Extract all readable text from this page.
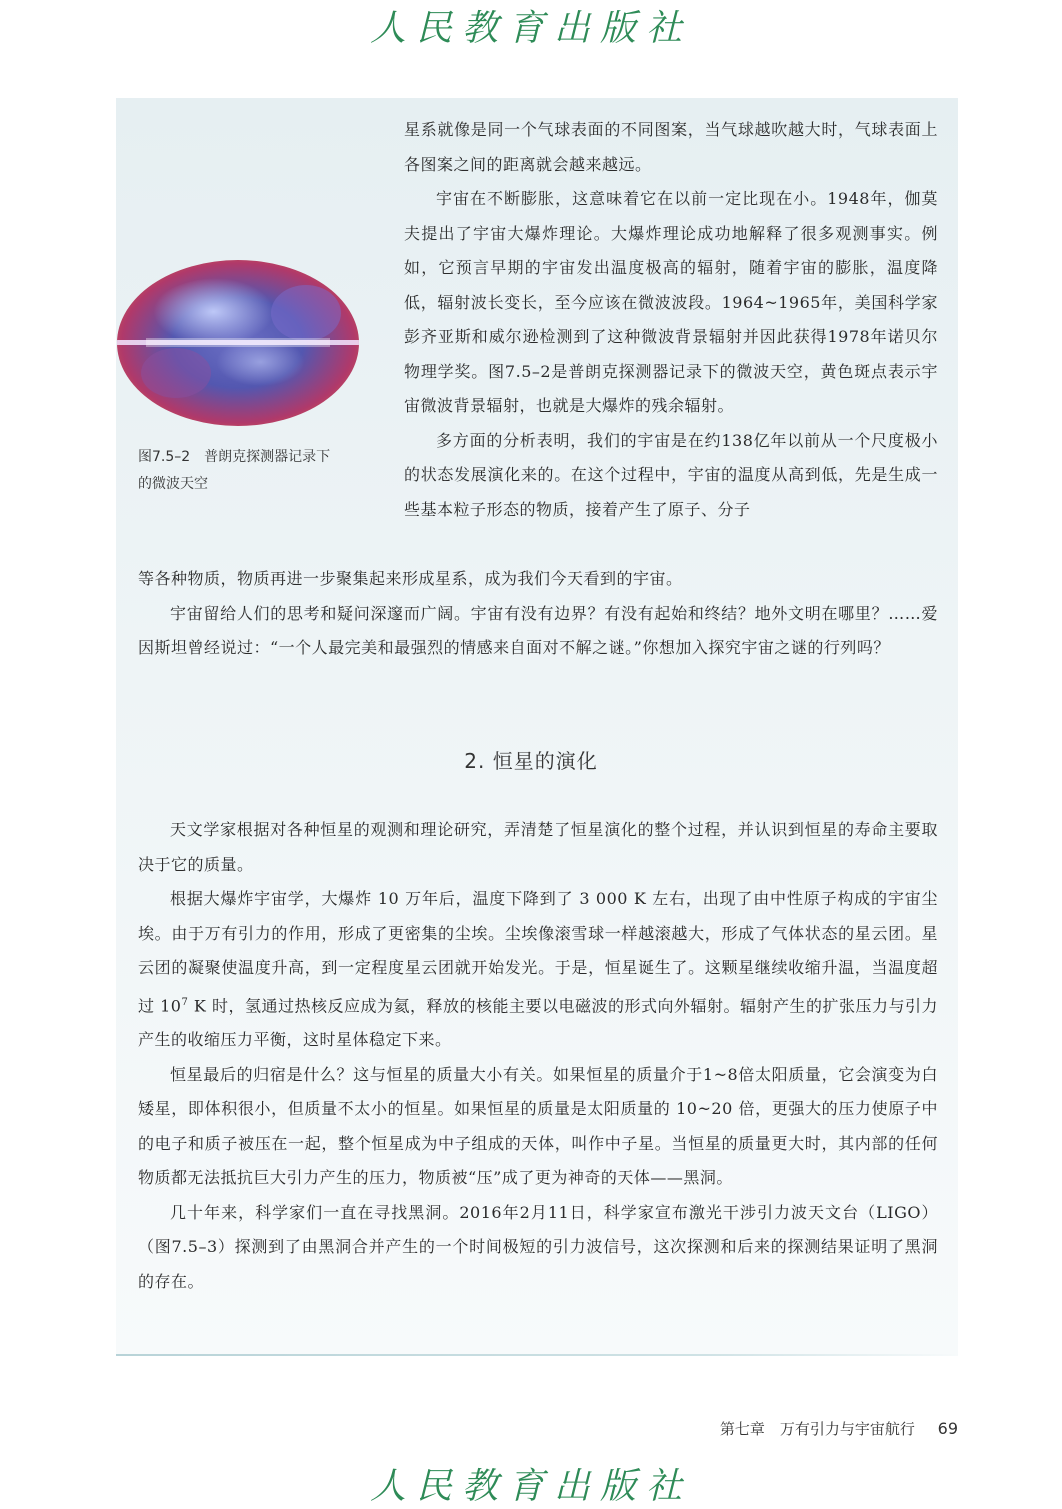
人民教育出版社
图7.5–2　普朗克探测器记录下
的微波天空

星系就像是同一个气球表面的不同图案，当气球越吹越大时，气球表面上各图案之间的距离就会越来越远。

宇宙在不断膨胀，这意味着它在以前一定比现在小。1948年，伽莫夫提出了宇宙大爆炸理论。大爆炸理论成功地解释了很多观测事实。例如，它预言早期的宇宙发出温度极高的辐射，随着宇宙的膨胀，温度降低，辐射波长变长，至今应该在微波波段。1964~1965年，美国科学家彭齐亚斯和威尔逊检测到了这种微波背景辐射并因此获得1978年诺贝尔物理学奖。图7.5–2是普朗克探测器记录下的微波天空，黄色斑点表示宇宙微波背景辐射，也就是大爆炸的残余辐射。

多方面的分析表明，我们的宇宙是在约138亿年以前从一个尺度极小的状态发展演化来的。在这个过程中，宇宙的温度从高到低，先是生成一些基本粒子形态的物质，接着产生了原子、分子

等各种物质，物质再进一步聚集起来形成星系，成为我们今天看到的宇宙。

宇宙留给人们的思考和疑问深邃而广阔。宇宙有没有边界？有没有起始和终结？地外文明在哪里？……爱因斯坦曾经说过：“一个人最完美和最强烈的情感来自面对不解之谜。”你想加入探究宇宙之谜的行列吗？

2. 恒星的演化

天文学家根据对各种恒星的观测和理论研究，弄清楚了恒星演化的整个过程，并认识到恒星的寿命主要取决于它的质量。

根据大爆炸宇宙学，大爆炸 10 万年后，温度下降到了 3 000 K 左右，出现了由中性原子构成的宇宙尘埃。由于万有引力的作用，形成了更密集的尘埃。尘埃像滚雪球一样越滚越大，形成了气体状态的星云团。星云团的凝聚使温度升高，到一定程度星云团就开始发光。于是，恒星诞生了。这颗星继续收缩升温，当温度超过 $10^7$ K 时，氢通过热核反应成为氦，释放的核能主要以电磁波的形式向外辐射。辐射产生的扩张压力与引力产生的收缩压力平衡，这时星体稳定下来。

恒星最后的归宿是什么？这与恒星的质量大小有关。如果恒星的质量介于1~8倍太阳质量，它会演变为白矮星，即体积很小，但质量不太小的恒星。如果恒星的质量是太阳质量的 10~20 倍，更强大的压力使原子中的电子和质子被压在一起，整个恒星成为中子组成的天体，叫作中子星。当恒星的质量更大时，其内部的任何物质都无法抵抗巨大引力产生的压力，物质被“压”成了更为神奇的天体——黑洞。

几十年来，科学家们一直在寻找黑洞。2016年2月11日，科学家宣布激光干涉引力波天文台（LIGO）（图7.5–3）探测到了由黑洞合并产生的一个时间极短的引力波信号，这次探测和后来的探测结果证明了黑洞的存在。

第七章　万有引力与宇宙航行 69
人民教育出版社
